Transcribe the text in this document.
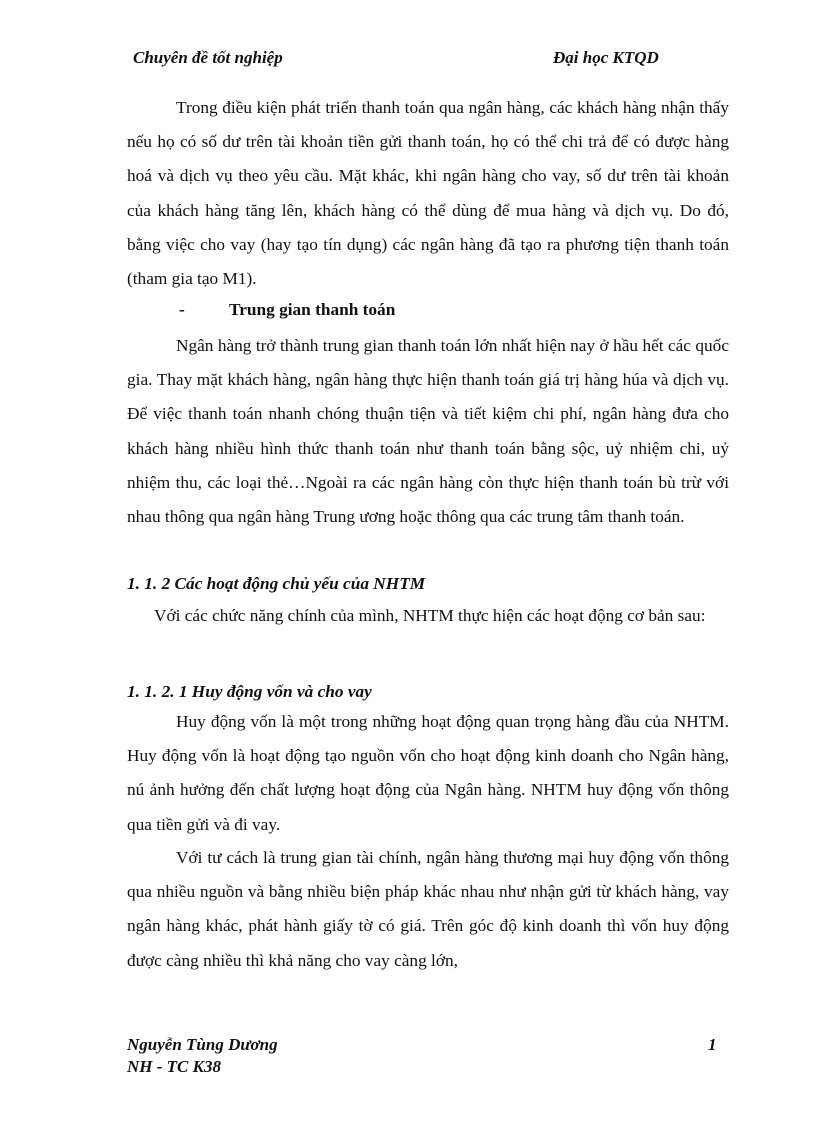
Chuyên đề tốt nghiệp	Đại học KTQD

Trong điều kiện phát triển thanh toán qua ngân hàng, các khách hàng nhận thấy nếu họ có số dư trên tài khoản tiền gửi thanh toán, họ có thể chi trả để có được hàng hoá và dịch vụ theo yêu cầu. Mặt khác, khi ngân hàng cho vay, số dư trên tài khoản của khách hàng tăng lên, khách hàng có thể dùng để mua hàng và dịch vụ. Do đó, bằng việc cho vay (hay tạo tín dụng) các ngân hàng đã tạo ra phương tiện thanh toán (tham gia tạo M1).

-	Trung gian thanh toán

Ngân hàng trở thành trung gian thanh toán lớn nhất hiện nay ở hầu hết các quốc gia. Thay mặt khách hàng, ngân hàng thực hiện thanh toán giá trị hàng húa và dịch vụ. Để việc thanh toán nhanh chóng thuận tiện và tiết kiệm chi phí, ngân hàng đưa cho khách hàng nhiều hình thức thanh toán như thanh toán bằng sộc, uỷ nhiệm chi, uỷ nhiệm thu, các loại thẻ…Ngoài ra các ngân hàng còn thực hiện thanh toán bù trừ với nhau thông qua ngân hàng Trung ương hoặc thông qua các trung tâm thanh toán.

1. 1. 2 Các hoạt động chủ yếu của NHTM

Với các chức năng chính của mình, NHTM thực hiện các hoạt động cơ bản sau:

1. 1. 2. 1 Huy động vốn và cho vay

Huy động vốn là một trong những hoạt động quan trọng hàng đầu của NHTM. Huy động vốn là hoạt động tạo nguồn vốn cho hoạt động kinh doanh cho Ngân hàng, nú ảnh hưởng đến chất lượng hoạt động của Ngân hàng. NHTM huy động vốn thông qua tiền gửi và đi vay.

Với tư cách là trung gian tài chính, ngân hàng thương mại huy động vốn thông qua nhiều nguồn và bằng nhiều biện pháp khác nhau như nhận gửi từ khách hàng, vay ngân hàng khác, phát hành giấy tờ có giá. Trên góc độ kinh doanh thì vốn huy động được càng nhiều thì khả năng cho vay càng lớn,

Nguyễn Tùng Dương
NH - TC K38
1
